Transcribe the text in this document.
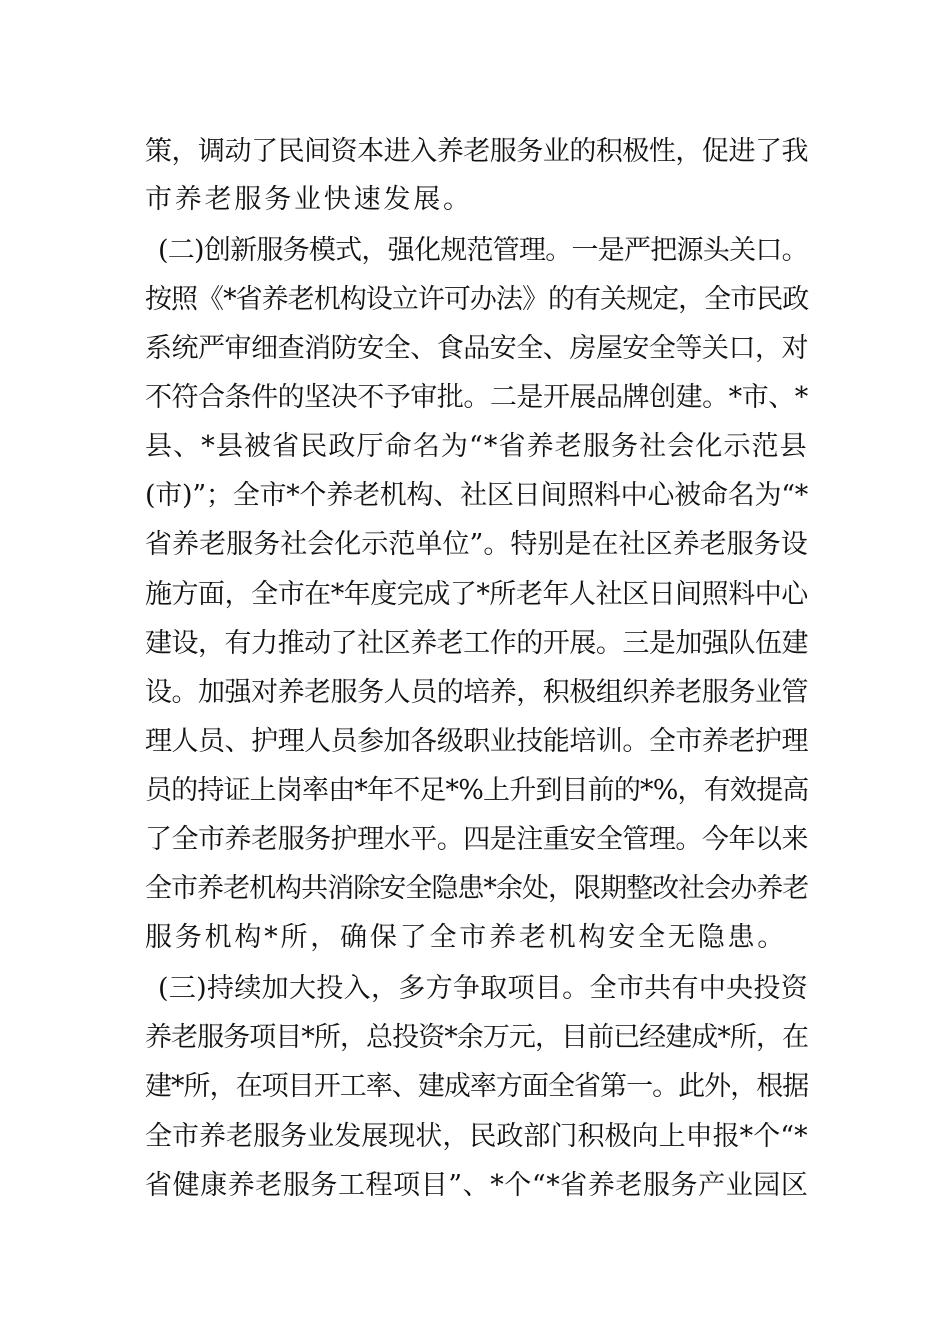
策，调动了民间资本进入养老服务业的积极性，促进了我
市养老服务业快速发展。
(二)创新服务模式，强化规范管理。一是严把源头关口。
按照《*省养老机构设立许可办法》的有关规定，全市民政
系统严审细查消防安全、食品安全、房屋安全等关口，对
不符合条件的坚决不予审批。二是开展品牌创建。*市、*
县、*县被省民政厅命名为“*省养老服务社会化示范县
(市)”；全市*个养老机构、社区日间照料中心被命名为“*
省养老服务社会化示范单位”。特别是在社区养老服务设
施方面，全市在*年度完成了*所老年人社区日间照料中心
建设，有力推动了社区养老工作的开展。三是加强队伍建
设。加强对养老服务人员的培养，积极组织养老服务业管
理人员、护理人员参加各级职业技能培训。全市养老护理
员的持证上岗率由*年不足*%上升到目前的*%，有效提高
了全市养老服务护理水平。四是注重安全管理。今年以来
全市养老机构共消除安全隐患*余处，限期整改社会办养老
服务机构*所，确保了全市养老机构安全无隐患。
(三)持续加大投入，多方争取项目。全市共有中央投资
养老服务项目*所，总投资*余万元，目前已经建成*所，在
建*所，在项目开工率、建成率方面全省第一。此外，根据
全市养老服务业发展现状，民政部门积极向上申报*个“*
省健康养老服务工程项目”、*个“*省养老服务产业园区
